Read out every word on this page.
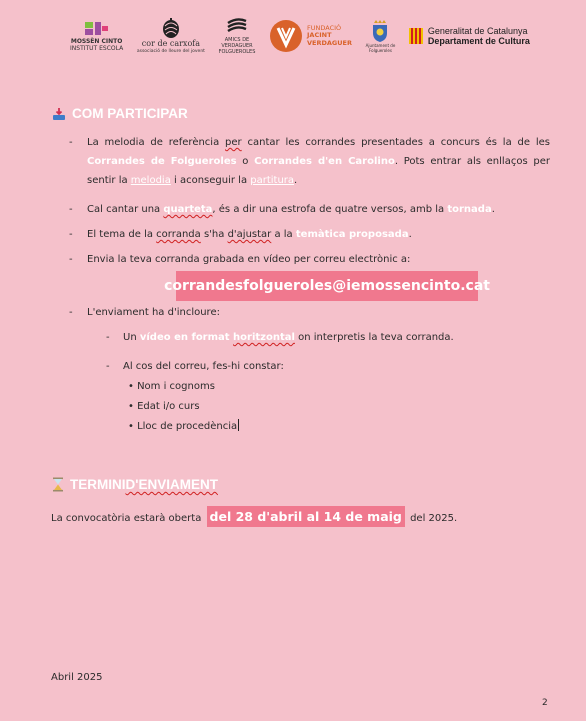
MOSSÈN CINTO
INSTITUT ESCOLA
cor de carxofa
associació de lleure del jovent
AMICS DE
VERDAGUER
FOLGUEROLES
FUNDACIÓ
JACINT
VERDAGUER	Ajuntament de
Folgueroles
Generalitat de Catalunya
Departament de Cultura
COM PARTICIPAR
- La melodia de referència per cantar les corrandes presentades a concurs és la de les Corrandes de Folgueroles o Corrandes d'en Carolino. Pots entrar als enllaços per sentir la melodia i aconseguir la partitura.
- Cal cantar una quarteta, és a dir una estrofa de quatre versos, amb la tornada.
- El tema de la corranda s'ha d'ajustar a la temàtica proposada.
- Envia la teva corranda grabada en vídeo per correu electrònic a:
corrandesfolgueroles@iemossencinto.cat
- L'enviament ha d'incloure:
- Un vídeo en format horitzontal on interpretis la teva corranda.
- Al cos del correu, fes-hi constar:
• Nom i cognoms
• Edat i/o curs
• Lloc de procedència
TERMINI D'ENVIAMENT
La convocatòria estarà oberta del 28 d'abril al 14 de maig del 2025.
Abril 2025
2
